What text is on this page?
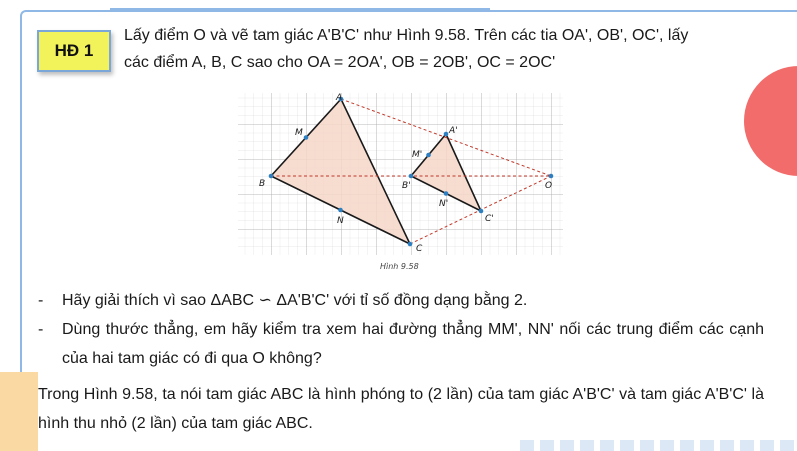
HĐ 1
Lấy điểm O và vẽ tam giác A'B'C' như Hình 9.58. Trên các tia OA', OB', OC', lấy
các điểm A, B, C sao cho OA = 2OA', OB = 2OB', OC = 2OC'
A
B
C
A'
B'
C'
M
N
M'
N'
O
Hình 9.58
- Hãy giải thích vì sao ΔABC ∽ ΔA'B'C' với tỉ số đồng dạng bằng 2.
- Dùng thước thẳng, em hãy kiểm tra xem hai đường thẳng MM', NN' nối các trung điểm các cạnh của hai tam giác có đi qua O không?
Trong Hình 9.58, ta nói tam giác ABC là hình phóng to (2 lần) của tam giác A'B'C' và tam giác A'B'C' là hình thu nhỏ (2 lần) của tam giác ABC.
